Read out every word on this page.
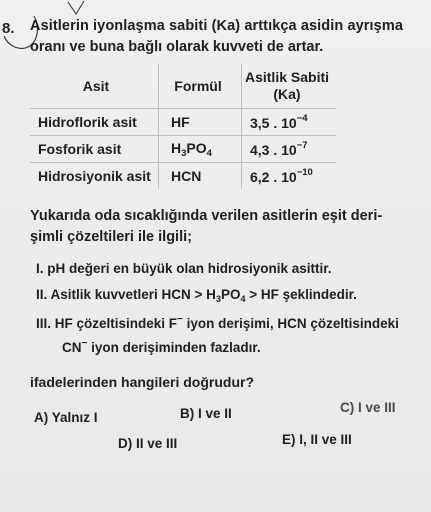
8. Asitlerin iyonlaşma sabiti (Ka) arttıkça asidin ayrışma
oranı ve buna bağlı olarak kuvveti de artar.
Asit	Formül	Asitlik Sabiti
(Ka)
Hidroflorik asit	HF	3,5 . $10^{-4}$
Fosforik asit	$H_3PO_4$	4,3 . $10^{-7}$
Hidrosiyonik asit	HCN	6,2 . $10^{-10}$
Yukarıda oda sıcaklığında verilen asitlerin eşit deri-
şimli çözeltileri ile ilgili;
I. pH değeri en büyük olan hidrosiyonik asittir.
II. Asitlik kuvvetleri HCN > $H_3PO_4$ > HF şeklindedir.
III. HF çözeltisindeki F− iyon derişimi, HCN çözeltisindeki
CN− iyon derişiminden fazladır.
ifadelerinden hangileri doğrudur?
A) Yalnız I	B) I ve II	C) I ve III
D) II ve III	E) I, II ve III
